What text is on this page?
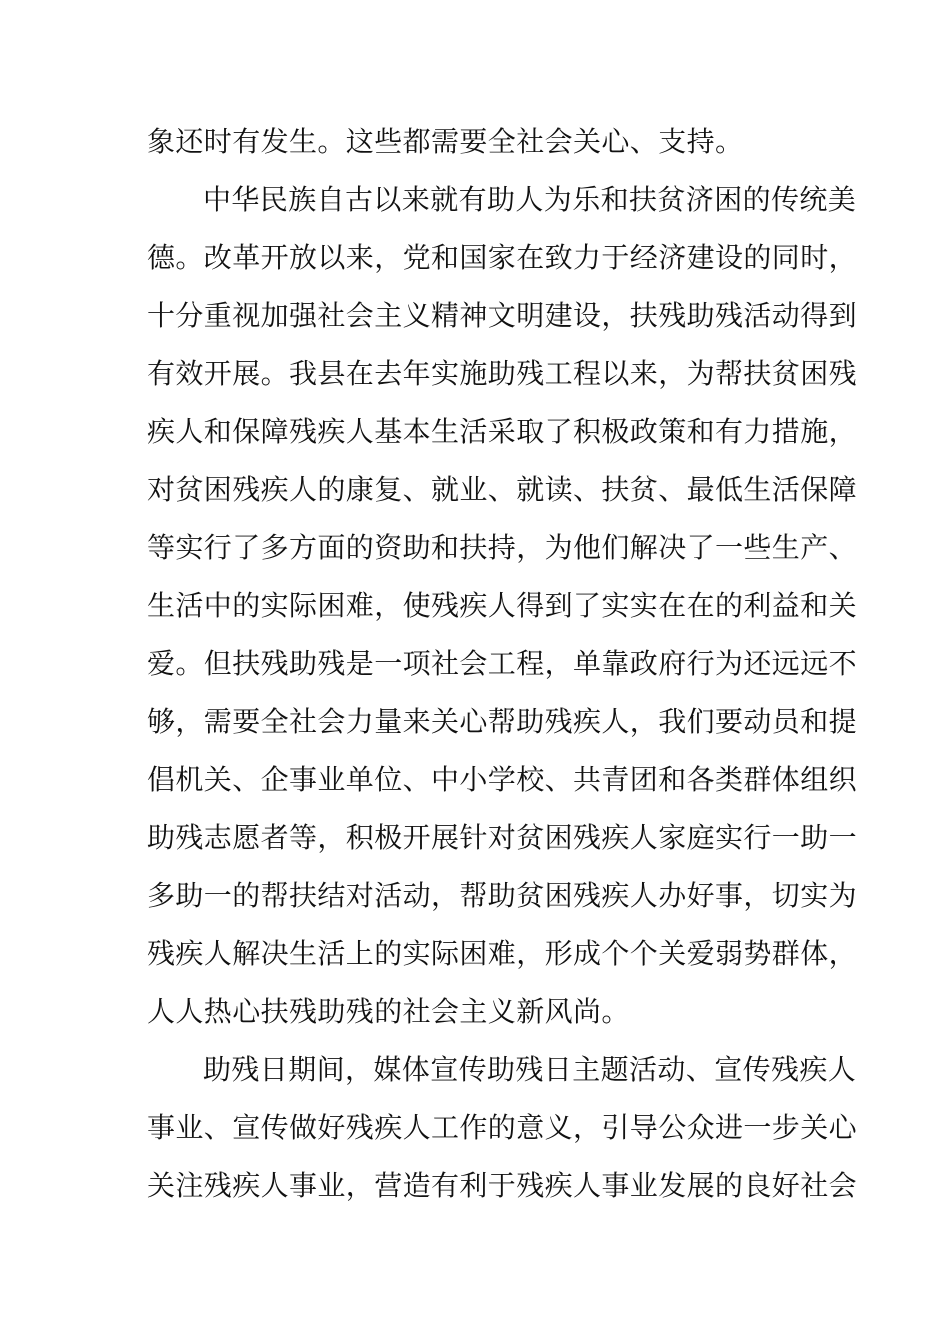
象还时有发生。这些都需要全社会关心、支持。
中华民族自古以来就有助人为乐和扶贫济困的传统美
德。改革开放以来，党和国家在致力于经济建设的同时，
十分重视加强社会主义精神文明建设，扶残助残活动得到
有效开展。我县在去年实施助残工程以来，为帮扶贫困残
疾人和保障残疾人基本生活采取了积极政策和有力措施，
对贫困残疾人的康复、就业、就读、扶贫、最低生活保障
等实行了多方面的资助和扶持，为他们解决了一些生产、
生活中的实际困难，使残疾人得到了实实在在的利益和关
爱。但扶残助残是一项社会工程，单靠政府行为还远远不
够，需要全社会力量来关心帮助残疾人，我们要动员和提
倡机关、企事业单位、中小学校、共青团和各类群体组织
助残志愿者等，积极开展针对贫困残疾人家庭实行一助一
多助一的帮扶结对活动，帮助贫困残疾人办好事，切实为
残疾人解决生活上的实际困难，形成个个关爱弱势群体，
人人热心扶残助残的社会主义新风尚。
助残日期间，媒体宣传助残日主题活动、宣传残疾人
事业、宣传做好残疾人工作的意义，引导公众进一步关心
关注残疾人事业，营造有利于残疾人事业发展的良好社会
